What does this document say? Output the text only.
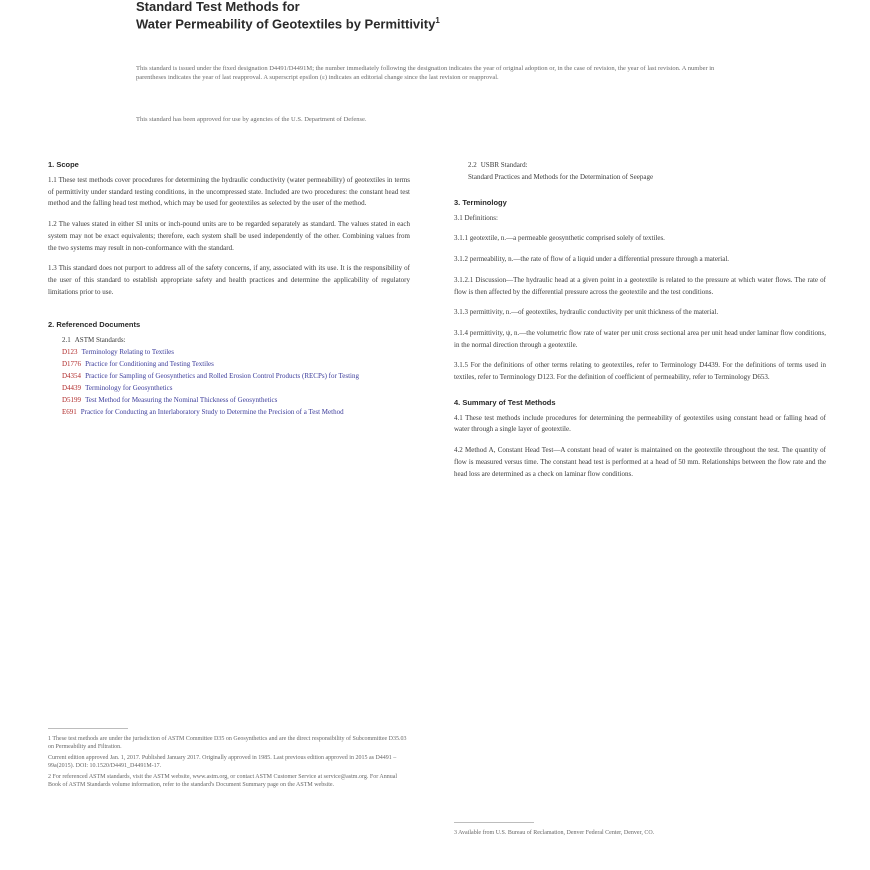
Standard Test Methods for
Water Permeability of Geotextiles by Permittivity$^1$
This standard is issued under the fixed designation D4491/D4491M; the number immediately following the designation indicates the year of original adoption or, in the case of revision, the year of last revision. A number in parentheses indicates the year of last reapproval. A superscript epsilon (ε) indicates an editorial change since the last revision or reapproval.
This standard has been approved for use by agencies of the U.S. Department of Defense.
1. Scope
1.1 These test methods cover procedures for determining the hydraulic conductivity (water permeability) of geotextiles in terms of permittivity under standard testing conditions, in the uncompressed state. Included are two procedures: the constant head test method and the falling head test method, which may be used for geotextiles as selected by the user of the method.
1.2 The values stated in either SI units or inch-pound units are to be regarded separately as standard. The values stated in each system may not be exact equivalents; therefore, each system shall be used independently of the other. Combining values from the two systems may result in non-conformance with the standard.
1.3 This standard does not purport to address all of the safety concerns, if any, associated with its use. It is the responsibility of the user of this standard to establish appropriate safety and health practices and determine the applicability of regulatory limitations prior to use.
2. Referenced Documents
2.1 ASTM Standards:
D123 Terminology Relating to Textiles
D1776 Practice for Conditioning and Testing Textiles
D4354 Practice for Sampling of Geosynthetics and Rolled Erosion Control Products (RECPs) for Testing
D4439 Terminology for Geosynthetics
D5199 Test Method for Measuring the Nominal Thickness of Geosynthetics
E691 Practice for Conducting an Interlaboratory Study to Determine the Precision of a Test Method
1 These test methods are under the jurisdiction of ASTM Committee D35 on Geosynthetics and are the direct responsibility of Subcommittee D35.03 on Permeability and Filtration.
Current edition approved Jan. 1, 2017. Published January 2017. Originally approved in 1985. Last previous edition approved in 2015 as D4491 – 99a(2015). DOI: 10.1520/D4491_D4491M-17.
2 For referenced ASTM standards, visit the ASTM website, www.astm.org, or contact ASTM Customer Service at service@astm.org. For Annual Book of ASTM Standards volume information, refer to the standard's Document Summary page on the ASTM website.
2.2 USBR Standard:
Standard Practices and Methods for the Determination of Seepage
3. Terminology
3.1 Definitions:
3.1.1 geotextile, n.—a permeable geosynthetic comprised solely of textiles.
3.1.2 permeability, n.—the rate of flow of a liquid under a differential pressure through a material.
3.1.2.1 Discussion—The hydraulic head at a given point in a geotextile is related to the pressure at which water flows. The rate of flow is then affected by the differential pressure across the geotextile and the test conditions.
3.1.3 permittivity, n.—of geotextiles, hydraulic conductivity per unit thickness of the material.
3.1.4 permittivity, ψ, n.—the volumetric flow rate of water per unit cross sectional area per unit head under laminar flow conditions, in the normal direction through a geotextile.
3.1.5 For the definitions of other terms relating to geotextiles, refer to Terminology D4439. For the definitions of terms used in textiles, refer to Terminology D123. For the definition of coefficient of permeability, refer to Terminology D653.
4. Summary of Test Methods
4.1 These test methods include procedures for determining the permeability of geotextiles using constant head or falling head of water through a single layer of geotextile.
4.2 Method A, Constant Head Test—A constant head of water is maintained on the geotextile throughout the test. The quantity of flow is measured versus time. The constant head test is performed at a head of 50 mm. Relationships between the flow rate and the head loss are determined as a check on laminar flow conditions.
3 Available from U.S. Bureau of Reclamation, Denver Federal Center, Denver, CO.
